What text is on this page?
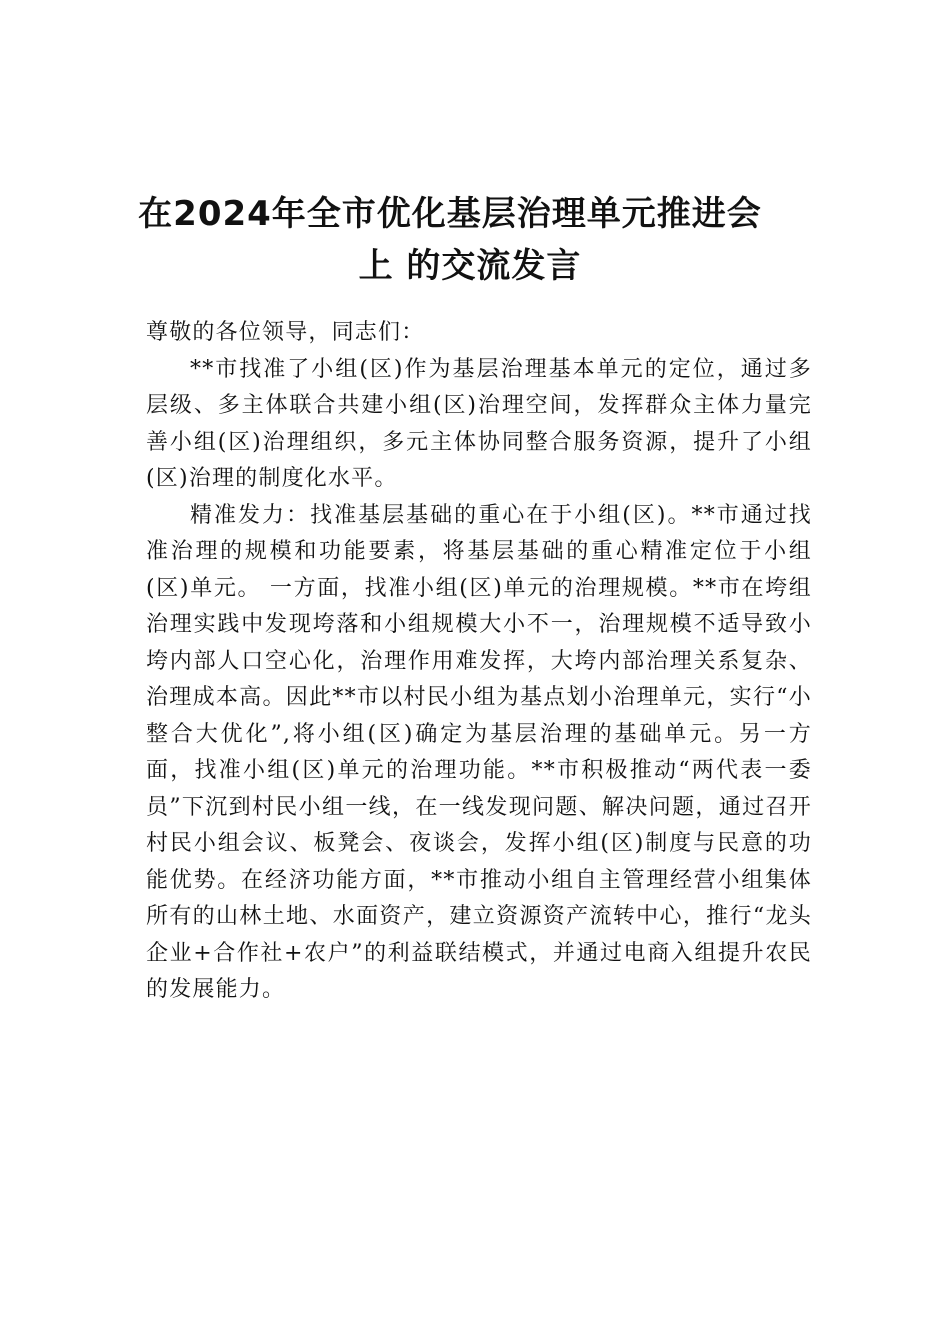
在2024年全市优化基层治理单元推进会
上 的交流发言

尊敬的各位领导，同志们：

**市找准了小组(区)作为基层治理基本单元的定位，通过多层级、多主体联合共建小组(区)治理空间，发挥群众主体力量完善小组(区)治理组织，多元主体协同整合服务资源，提升了小组(区)治理的制度化水平。

精准发力：找准基层基础的重心在于小组(区)。**市通过找准治理的规模和功能要素，将基层基础的重心精准定位于小组(区)单元。 一方面，找准小组(区)单元的治理规模。**市在垮组治理实践中发现垮落和小组规模大小不一，治理规模不适导致小垮内部人口空心化，治理作用难发挥，大垮内部治理关系复杂、治理成本高。因此**市以村民小组为基点划小治理单元，实行“小整合大优化”,将小组(区)确定为基层治理的基础单元。另一方面，找准小组(区)单元的治理功能。**市积极推动“两代表一委员”下沉到村民小组一线，在一线发现问题、解决问题，通过召开村民小组会议、板凳会、夜谈会，发挥小组(区)制度与民意的功能优势。在经济功能方面，**市推动小组自主管理经营小组集体所有的山林土地、水面资产，建立资源资产流转中心，推行“龙头企业+合作社+农户”的利益联结模式，并通过电商入组提升农民的发展能力。
